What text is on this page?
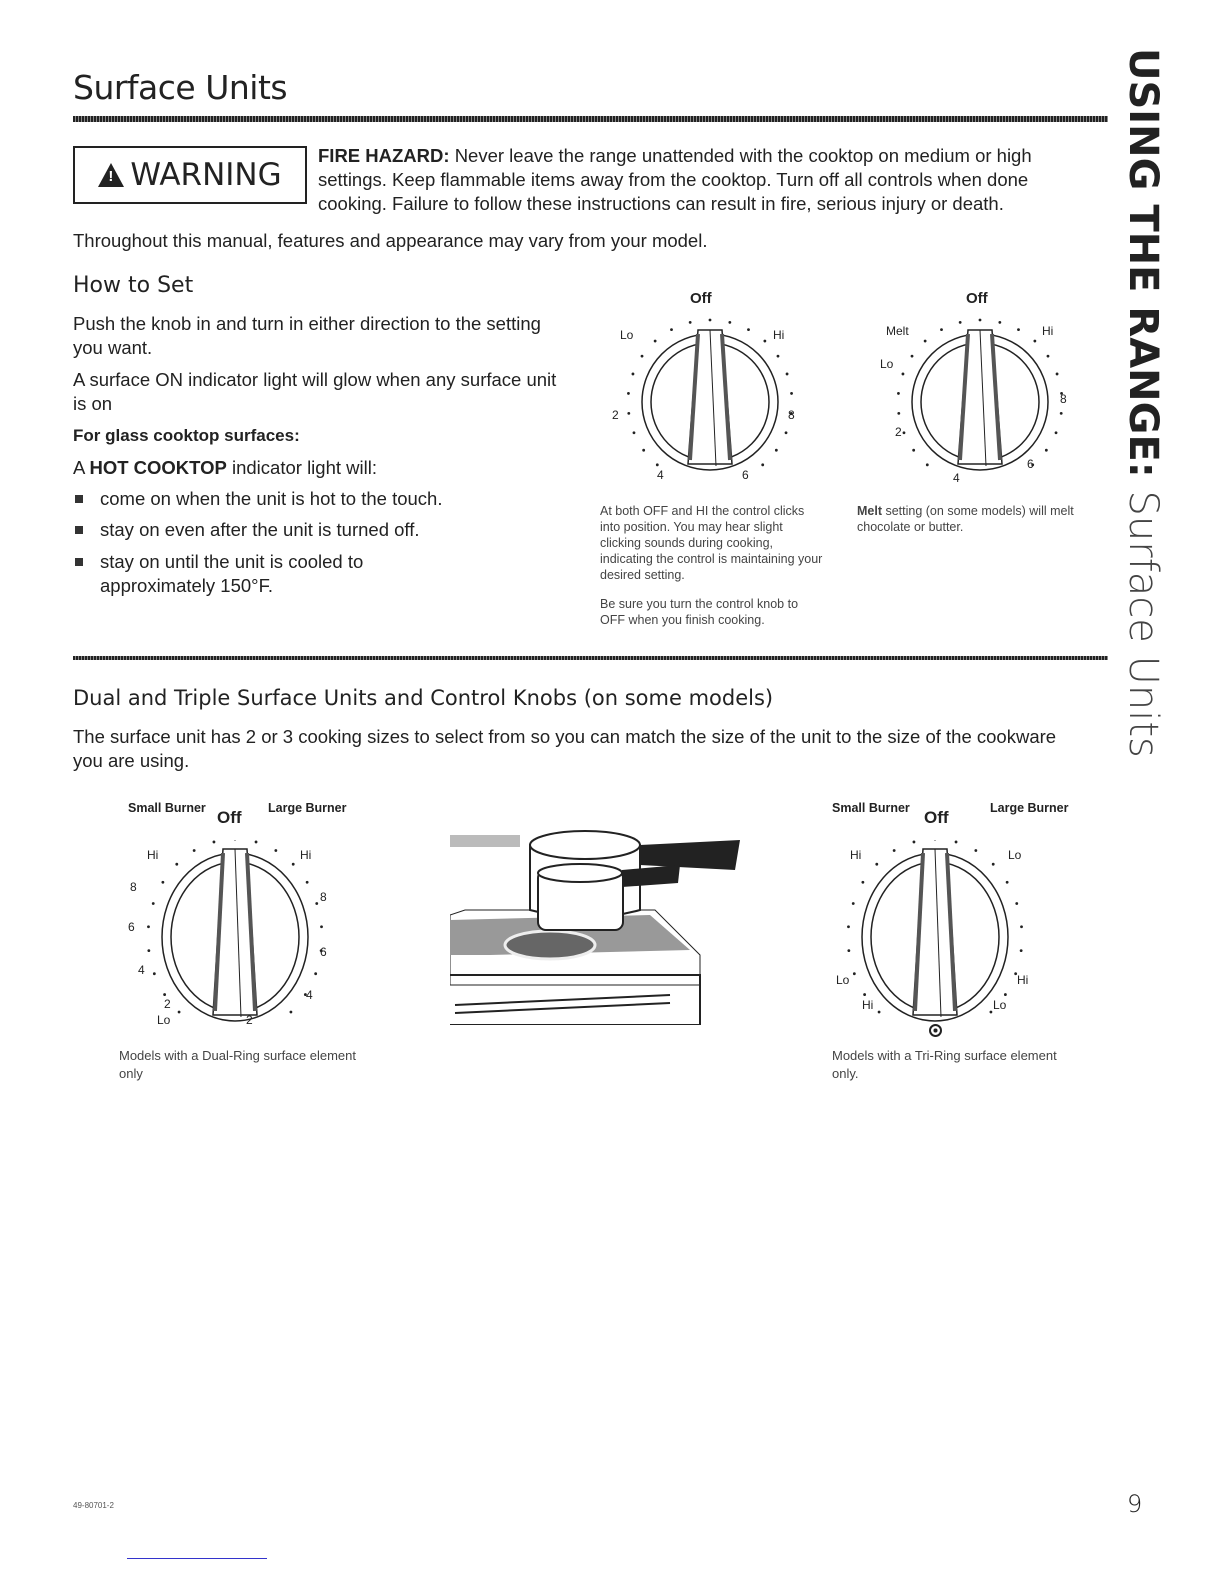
Surface Units	USING THE RANGE: Surface Units
!
WARNING
FIRE HAZARD: Never leave the range unattended with the cooktop on medium or high settings. Keep flammable items away from the cooktop. Turn off all controls when done cooking. Failure to follow these instructions can result in fire, serious injury or death.
Throughout this manual, features and appearance may vary from your model.
How to Set
Push the knob in and turn in either direction to the setting you want.
A surface ON indicator light will glow when any surface unit is on
For glass cooktop surfaces:
A HOT COOKTOP indicator light will:
come on when the unit is hot to the touch.
stay on even after the unit is turned off.
stay on until the unit is cooled to approximately 150°F.
Off
Lo	Hi
2	8
4	6
At both OFF and HI the control clicks into position. You may hear slight clicking sounds during cooking, indicating the control is maintaining your desired setting.
Be sure you turn the control knob to OFF when you finish cooking.
Off
Melt	Hi
Lo
8
2
6
4
Melt setting (on some models) will melt chocolate or butter.
Dual and Triple Surface Units and Control Knobs (on some models)
The surface unit has 2 or 3 cooking sizes to select from so you can match the size of the unit to the size of the cookware you are using.
Small Burner Off Large Burner
Hi	Hi
8
8
6
6
4
4
2
Lo	2
Models with a Dual-Ring surface element only
Small Burner Off	Large Burner
Hi	Lo
Lo	Hi
Hi	Lo
Models with a Tri-Ring surface element only.
49-80701-2	9
